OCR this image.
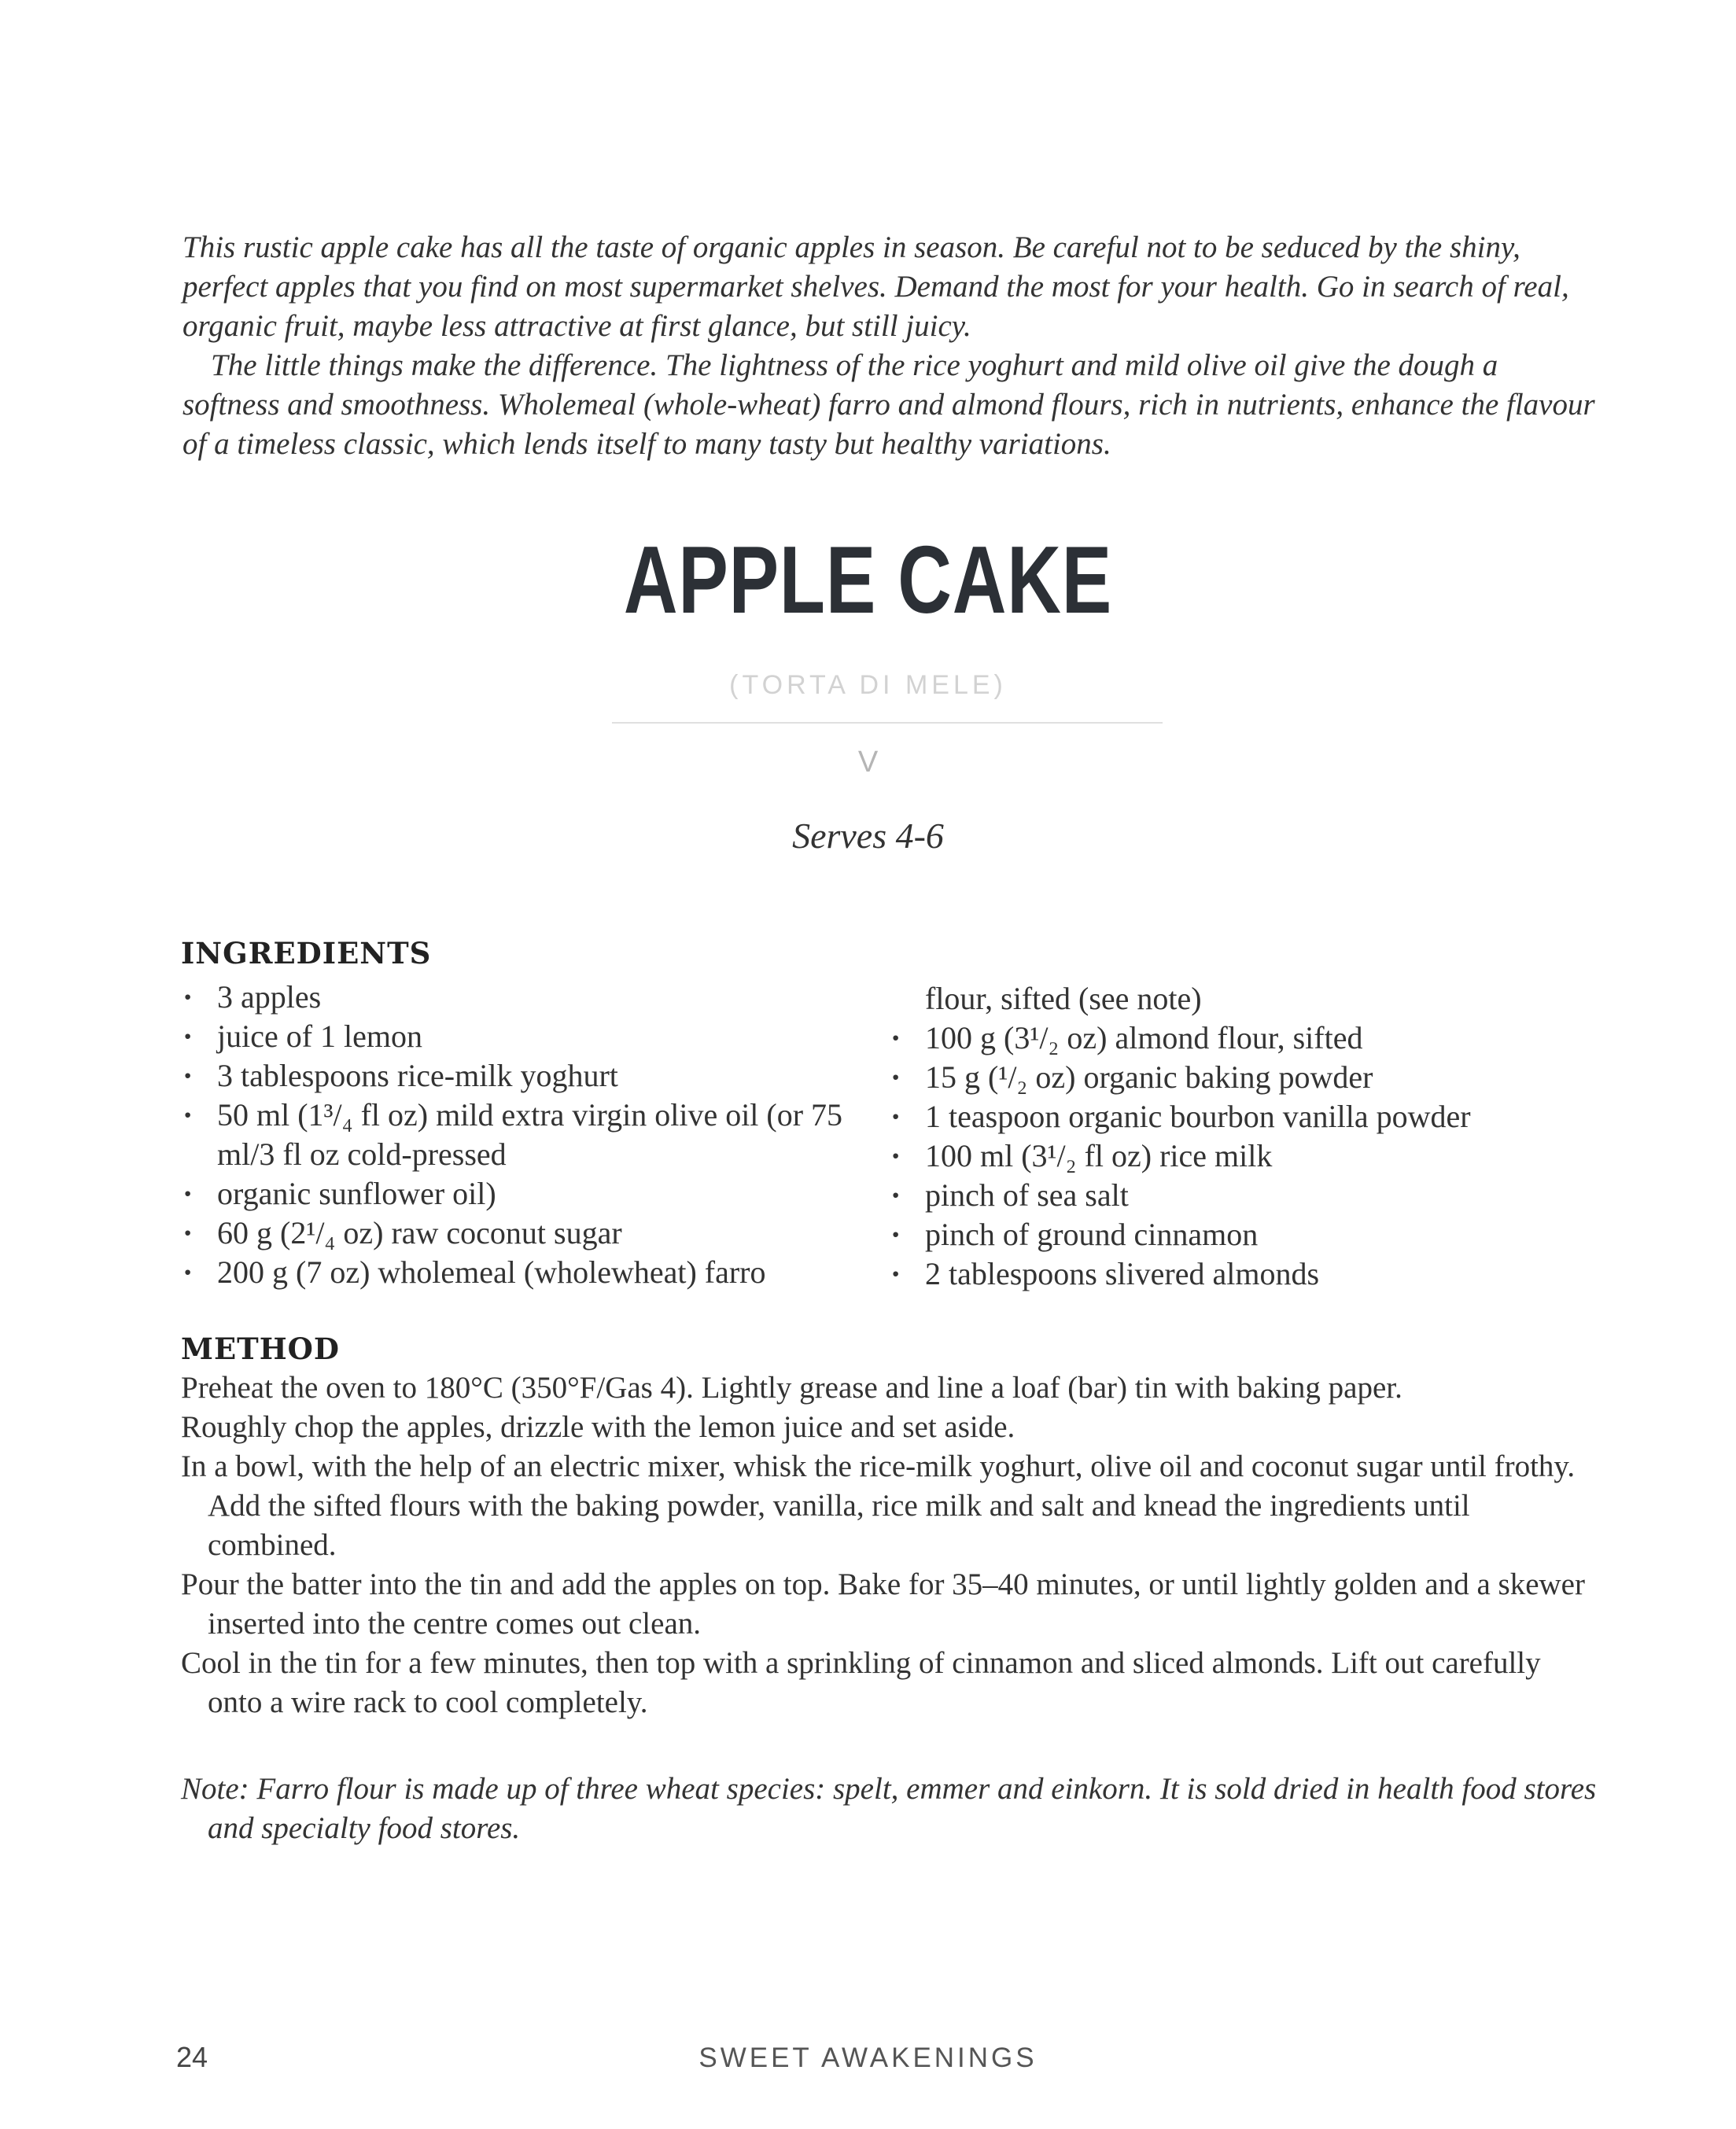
This rustic apple cake has all the taste of organic apples in season. Be careful not to be seduced by the shiny, perfect apples that you find on most supermarket shelves. Demand the most for your health. Go in search of real, organic fruit, maybe less attractive at first glance, but still juicy.

The little things make the difference. The lightness of the rice yoghurt and mild olive oil give the dough a softness and smoothness. Wholemeal (whole-wheat) farro and almond flours, rich in nutrients, enhance the flavour of a timeless classic, which lends itself to many tasty but healthy variations.

APPLE CAKE
(TORTA DI MELE)
V
Serves 4-6
INGREDIENTS
· 3 apples
· juice of 1 lemon
· 3 tablespoons rice-milk yoghurt
· 50 ml (1³/₄ fl oz) mild extra virgin olive oil (or 75 ml/3 fl oz cold-pressed
· organic sunflower oil)
· 60 g (2¹/₄ oz) raw coconut sugar
· 200 g (7 oz) wholemeal (wholewheat) farro
flour, sifted (see note)
· 100 g (3¹/₂ oz) almond flour, sifted
· 15 g (¹/₂ oz) organic baking powder
· 1 teaspoon organic bourbon vanilla powder
· 100 ml (3¹/₂ fl oz) rice milk
· pinch of sea salt
· pinch of ground cinnamon
· 2 tablespoons slivered almonds
METHOD

Preheat the oven to 180°C (350°F/Gas 4). Lightly grease and line a loaf (bar) tin with baking paper.

Roughly chop the apples, drizzle with the lemon juice and set aside.

In a bowl, with the help of an electric mixer, whisk the rice-milk yoghurt, olive oil and coconut sugar until frothy. Add the sifted flours with the baking powder, vanilla, rice milk and salt and knead the ingredients until combined.

Pour the batter into the tin and add the apples on top. Bake for 35–40 minutes, or until lightly golden and a skewer inserted into the centre comes out clean.

Cool in the tin for a few minutes, then top with a sprinkling of cinnamon and sliced almonds. Lift out carefully onto a wire rack to cool completely.

Note: Farro flour is made up of three wheat species: spelt, emmer and einkorn. It is sold dried in health food stores and specialty food stores.
24	SWEET AWAKENINGS
